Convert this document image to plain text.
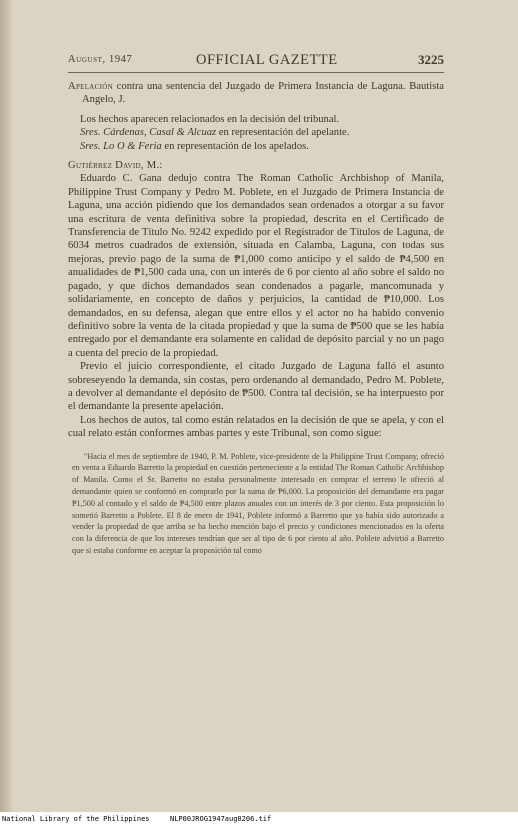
August, 1947	OFFICIAL GAZETTE	3225

Apelación contra una sentencia del Juzgado de Primera Instancia de Laguna. Bautista Angelo, J.

Los hechos aparecen relacionados en la decisión del tribunal.

Sres. Cárdenas, Casal & Alcuaz en representación del apelante.

Sres. Lo O & Feria en representación de los apelados.

Gutiérrez David, M.:

Eduardo C. Gana dedujo contra The Roman Catholic Archbishop of Manila, Philippine Trust Company y Pedro M. Poblete, en el Juzgado de Primera Instancia de Laguna, una acción pidiendo que los demandados sean ordenados a otorgar a su favor una escritura de venta definitiva sobre la propiedad, descrita en el Certificado de Transferencia de Título No. 9242 expedido por el Registrador de Títulos de Laguna, de 6034 metros cuadrados de extensión, situada en Calamba, Laguna, con todas sus mejoras, previo pago de la suma de ₱1,000 como anticipo y el saldo de ₱4,500 en anualidades de ₱1,500 cada una, con un interés de 6 por ciento al año sobre el saldo no pagado, y que dichos demandados sean condenados a pagarle, mancomunada y solidariamente, en concepto de daños y perjuicios, la cantidad de ₱10,000. Los demandados, en su defensa, alegan que entre ellos y el actor no ha habido convenio definitivo sobre la venta de la citada propiedad y que la suma de ₱500 que se les había entregado por el demandante era solamente en calidad de depósito parcial y no un pago a cuenta del precio de la propiedad.

Previo el juicio correspondiente, el citado Juzgado de Laguna falló el asunto sobreseyendo la demanda, sin costas, pero ordenando al demandado, Pedro M. Poblete, a devolver al demandante el depósito de ₱500. Contra tal decisión, se ha interpuesto por el demandante la presente apelación.

Los hechos de autos, tal como están relatados en la decisión de que se apela, y con el cual relato están conformes ambas partes y este Tribunal, son como sigue:

"Hacia el mes de septiembre de 1940, P. M. Poblete, vice-presidente de la Philippine Trust Company, ofreció en venta a Eduardo Barretto la propiedad en cuestión perteneciente a la entidad The Roman Catholic Archbishop of Manila. Como el Sr. Barretto no estaba personalmente interesado en comprar el terreno le ofreció al demandante quien se conformó en comprarlo por la suma de ₱6,000. La proposición del demandante era pagar ₱1,500 al contado y el saldo de ₱4,500 entre plazos anuales con un interés de 3 por ciento. Esta proposición lo sometió Barretto a Poblete. El 8 de enero de 1941, Poblete informó a Barretto que ya había sido autorizado a vender la propiedad de que arriba se ha hecho mención bajo el precio y condiciones mencionados en la oferta con la diferencia de que los intereses tendrían que ser al tipo de 6 por ciento al año. Poblete advirtió a Barretto que si estaba conforme en aceptar la proposición tal como

National Library of the Philippines	NLP00JROG1947aug0206.tif
